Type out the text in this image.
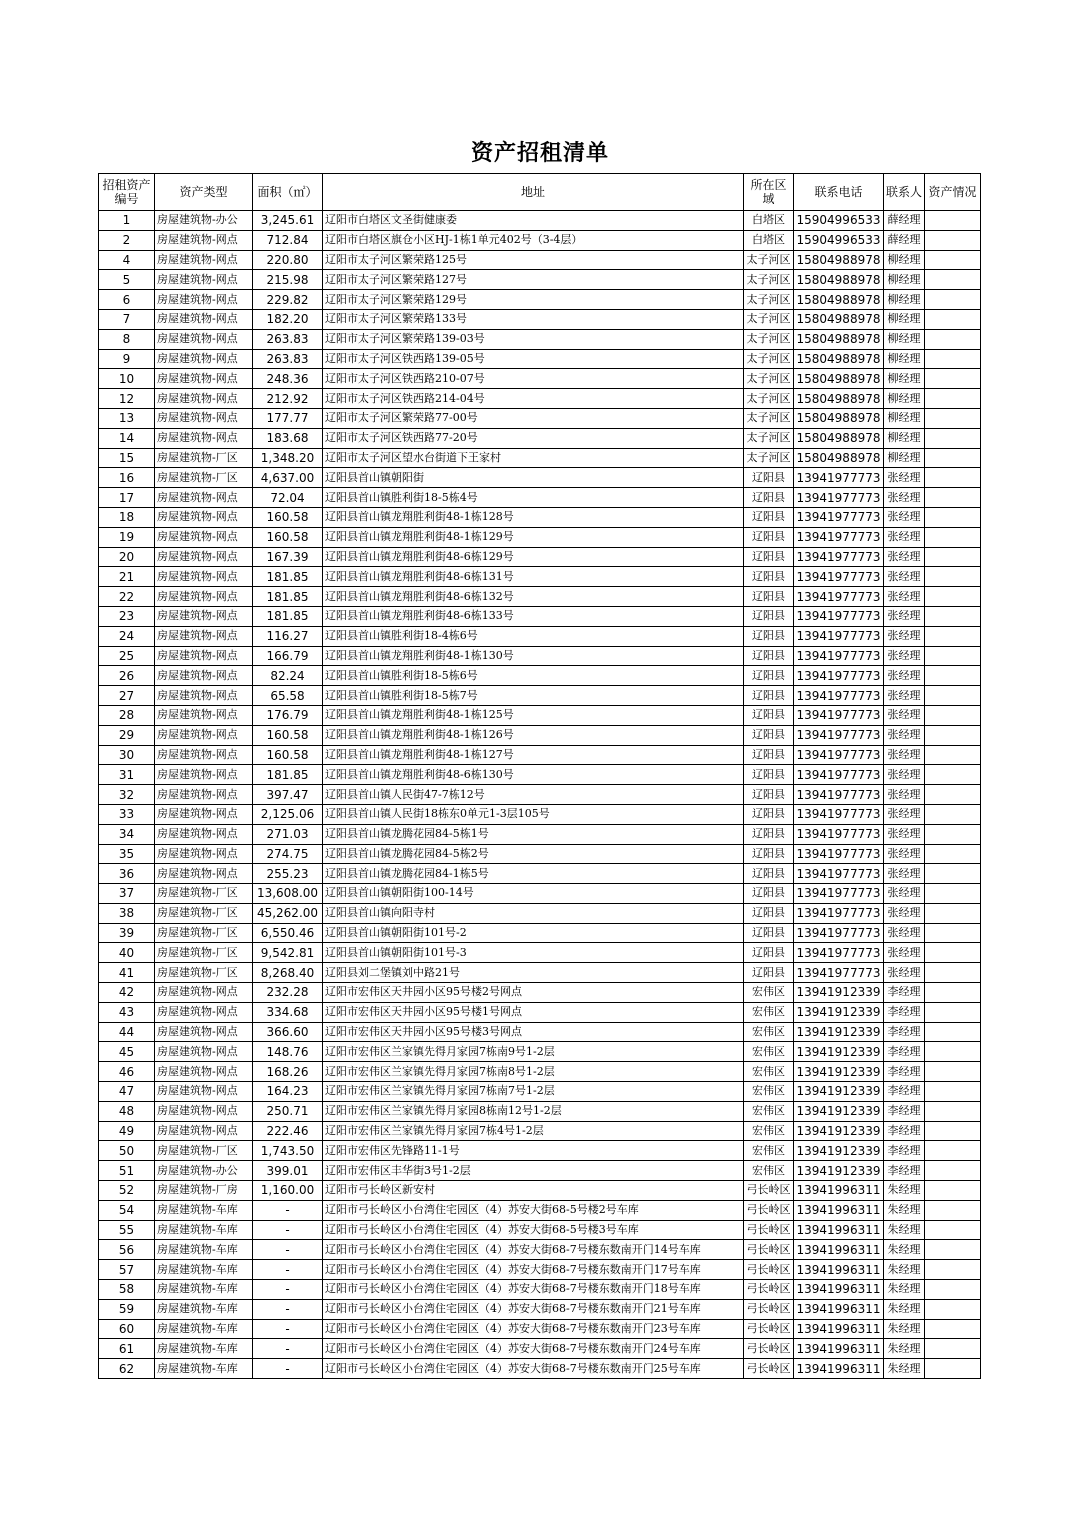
资产招租清单
招租资产编号	资产类型	面积（㎡）	地址	所在区域	联系电话	联系人	资产情况
1	房屋建筑物-办公	3,245.61	辽阳市白塔区文圣街健康委	白塔区	15904996533	薛经理	
2	房屋建筑物-网点	712.84	辽阳市白塔区旗仓小区HJ-1栋1单元402号（3-4层）	白塔区	15904996533	薛经理	
4	房屋建筑物-网点	220.80	辽阳市太子河区繁荣路125号	太子河区	15804988978	柳经理	
5	房屋建筑物-网点	215.98	辽阳市太子河区繁荣路127号	太子河区	15804988978	柳经理	
6	房屋建筑物-网点	229.82	辽阳市太子河区繁荣路129号	太子河区	15804988978	柳经理	
7	房屋建筑物-网点	182.20	辽阳市太子河区繁荣路133号	太子河区	15804988978	柳经理	
8	房屋建筑物-网点	263.83	辽阳市太子河区繁荣路139-03号	太子河区	15804988978	柳经理	
9	房屋建筑物-网点	263.83	辽阳市太子河区铁西路139-05号	太子河区	15804988978	柳经理	
10	房屋建筑物-网点	248.36	辽阳市太子河区铁西路210-07号	太子河区	15804988978	柳经理	
12	房屋建筑物-网点	212.92	辽阳市太子河区铁西路214-04号	太子河区	15804988978	柳经理	
13	房屋建筑物-网点	177.77	辽阳市太子河区繁荣路77-00号	太子河区	15804988978	柳经理	
14	房屋建筑物-网点	183.68	辽阳市太子河区铁西路77-20号	太子河区	15804988978	柳经理	
15	房屋建筑物-厂区	1,348.20	辽阳市太子河区望水台街道下王家村	太子河区	15804988978	柳经理	
16	房屋建筑物-厂区	4,637.00	辽阳县首山镇朝阳街	辽阳县	13941977773	张经理	
17	房屋建筑物-网点	72.04	辽阳县首山镇胜利街18-5栋4号	辽阳县	13941977773	张经理	
18	房屋建筑物-网点	160.58	辽阳县首山镇龙翔胜利街48-1栋128号	辽阳县	13941977773	张经理	
19	房屋建筑物-网点	160.58	辽阳县首山镇龙翔胜利街48-1栋129号	辽阳县	13941977773	张经理	
20	房屋建筑物-网点	167.39	辽阳县首山镇龙翔胜利街48-6栋129号	辽阳县	13941977773	张经理	
21	房屋建筑物-网点	181.85	辽阳县首山镇龙翔胜利街48-6栋131号	辽阳县	13941977773	张经理	
22	房屋建筑物-网点	181.85	辽阳县首山镇龙翔胜利街48-6栋132号	辽阳县	13941977773	张经理	
23	房屋建筑物-网点	181.85	辽阳县首山镇龙翔胜利街48-6栋133号	辽阳县	13941977773	张经理	
24	房屋建筑物-网点	116.27	辽阳县首山镇胜利街18-4栋6号	辽阳县	13941977773	张经理	
25	房屋建筑物-网点	166.79	辽阳县首山镇龙翔胜利街48-1栋130号	辽阳县	13941977773	张经理	
26	房屋建筑物-网点	82.24	辽阳县首山镇胜利街18-5栋6号	辽阳县	13941977773	张经理	
27	房屋建筑物-网点	65.58	辽阳县首山镇胜利街18-5栋7号	辽阳县	13941977773	张经理	
28	房屋建筑物-网点	176.79	辽阳县首山镇龙翔胜利街48-1栋125号	辽阳县	13941977773	张经理	
29	房屋建筑物-网点	160.58	辽阳县首山镇龙翔胜利街48-1栋126号	辽阳县	13941977773	张经理	
30	房屋建筑物-网点	160.58	辽阳县首山镇龙翔胜利街48-1栋127号	辽阳县	13941977773	张经理	
31	房屋建筑物-网点	181.85	辽阳县首山镇龙翔胜利街48-6栋130号	辽阳县	13941977773	张经理	
32	房屋建筑物-网点	397.47	辽阳县首山镇人民街47-7栋12号	辽阳县	13941977773	张经理	
33	房屋建筑物-网点	2,125.06	辽阳县首山镇人民街18栋东0单元1-3层105号	辽阳县	13941977773	张经理	
34	房屋建筑物-网点	271.03	辽阳县首山镇龙腾花园84-5栋1号	辽阳县	13941977773	张经理	
35	房屋建筑物-网点	274.75	辽阳县首山镇龙腾花园84-5栋2号	辽阳县	13941977773	张经理	
36	房屋建筑物-网点	255.23	辽阳县首山镇龙腾花园84-1栋5号	辽阳县	13941977773	张经理	
37	房屋建筑物-厂区	13,608.00	辽阳县首山镇朝阳街100-14号	辽阳县	13941977773	张经理	
38	房屋建筑物-厂区	45,262.00	辽阳县首山镇向阳寺村	辽阳县	13941977773	张经理	
39	房屋建筑物-厂区	6,550.46	辽阳县首山镇朝阳街101号-2	辽阳县	13941977773	张经理	
40	房屋建筑物-厂区	9,542.81	辽阳县首山镇朝阳街101号-3	辽阳县	13941977773	张经理	
41	房屋建筑物-厂区	8,268.40	辽阳县刘二堡镇刘中路21号	辽阳县	13941977773	张经理	
42	房屋建筑物-网点	232.28	辽阳市宏伟区天井园小区95号楼2号网点	宏伟区	13941912339	李经理	
43	房屋建筑物-网点	334.68	辽阳市宏伟区天井园小区95号楼1号网点	宏伟区	13941912339	李经理	
44	房屋建筑物-网点	366.60	辽阳市宏伟区天井园小区95号楼3号网点	宏伟区	13941912339	李经理	
45	房屋建筑物-网点	148.76	辽阳市宏伟区兰家镇先得月家园7栋南9号1-2层	宏伟区	13941912339	李经理	
46	房屋建筑物-网点	168.26	辽阳市宏伟区兰家镇先得月家园7栋南8号1-2层	宏伟区	13941912339	李经理	
47	房屋建筑物-网点	164.23	辽阳市宏伟区兰家镇先得月家园7栋南7号1-2层	宏伟区	13941912339	李经理	
48	房屋建筑物-网点	250.71	辽阳市宏伟区兰家镇先得月家园8栋南12号1-2层	宏伟区	13941912339	李经理	
49	房屋建筑物-网点	222.46	辽阳市宏伟区兰家镇先得月家园7栋4号1-2层	宏伟区	13941912339	李经理	
50	房屋建筑物-厂区	1,743.50	辽阳市宏伟区先锋路11-1号	宏伟区	13941912339	李经理	
51	房屋建筑物-办公	399.01	辽阳市宏伟区丰华街3号1-2层	宏伟区	13941912339	李经理	
52	房屋建筑物-厂房	1,160.00	辽阳市弓长岭区新安村	弓长岭区	13941996311	朱经理	
54	房屋建筑物-车库	-	辽阳市弓长岭区小台湾住宅园区（4）苏安大街68-5号楼2号车库	弓长岭区	13941996311	朱经理	
55	房屋建筑物-车库	-	辽阳市弓长岭区小台湾住宅园区（4）苏安大街68-5号楼3号车库	弓长岭区	13941996311	朱经理	
56	房屋建筑物-车库	-	辽阳市弓长岭区小台湾住宅园区（4）苏安大街68-7号楼东数南开门14号车库	弓长岭区	13941996311	朱经理	
57	房屋建筑物-车库	-	辽阳市弓长岭区小台湾住宅园区（4）苏安大街68-7号楼东数南开门17号车库	弓长岭区	13941996311	朱经理	
58	房屋建筑物-车库	-	辽阳市弓长岭区小台湾住宅园区（4）苏安大街68-7号楼东数南开门18号车库	弓长岭区	13941996311	朱经理	
59	房屋建筑物-车库	-	辽阳市弓长岭区小台湾住宅园区（4）苏安大街68-7号楼东数南开门21号车库	弓长岭区	13941996311	朱经理	
60	房屋建筑物-车库	-	辽阳市弓长岭区小台湾住宅园区（4）苏安大街68-7号楼东数南开门23号车库	弓长岭区	13941996311	朱经理	
61	房屋建筑物-车库	-	辽阳市弓长岭区小台湾住宅园区（4）苏安大街68-7号楼东数南开门24号车库	弓长岭区	13941996311	朱经理	
62	房屋建筑物-车库	-	辽阳市弓长岭区小台湾住宅园区（4）苏安大街68-7号楼东数南开门25号车库	弓长岭区	13941996311	朱经理	
